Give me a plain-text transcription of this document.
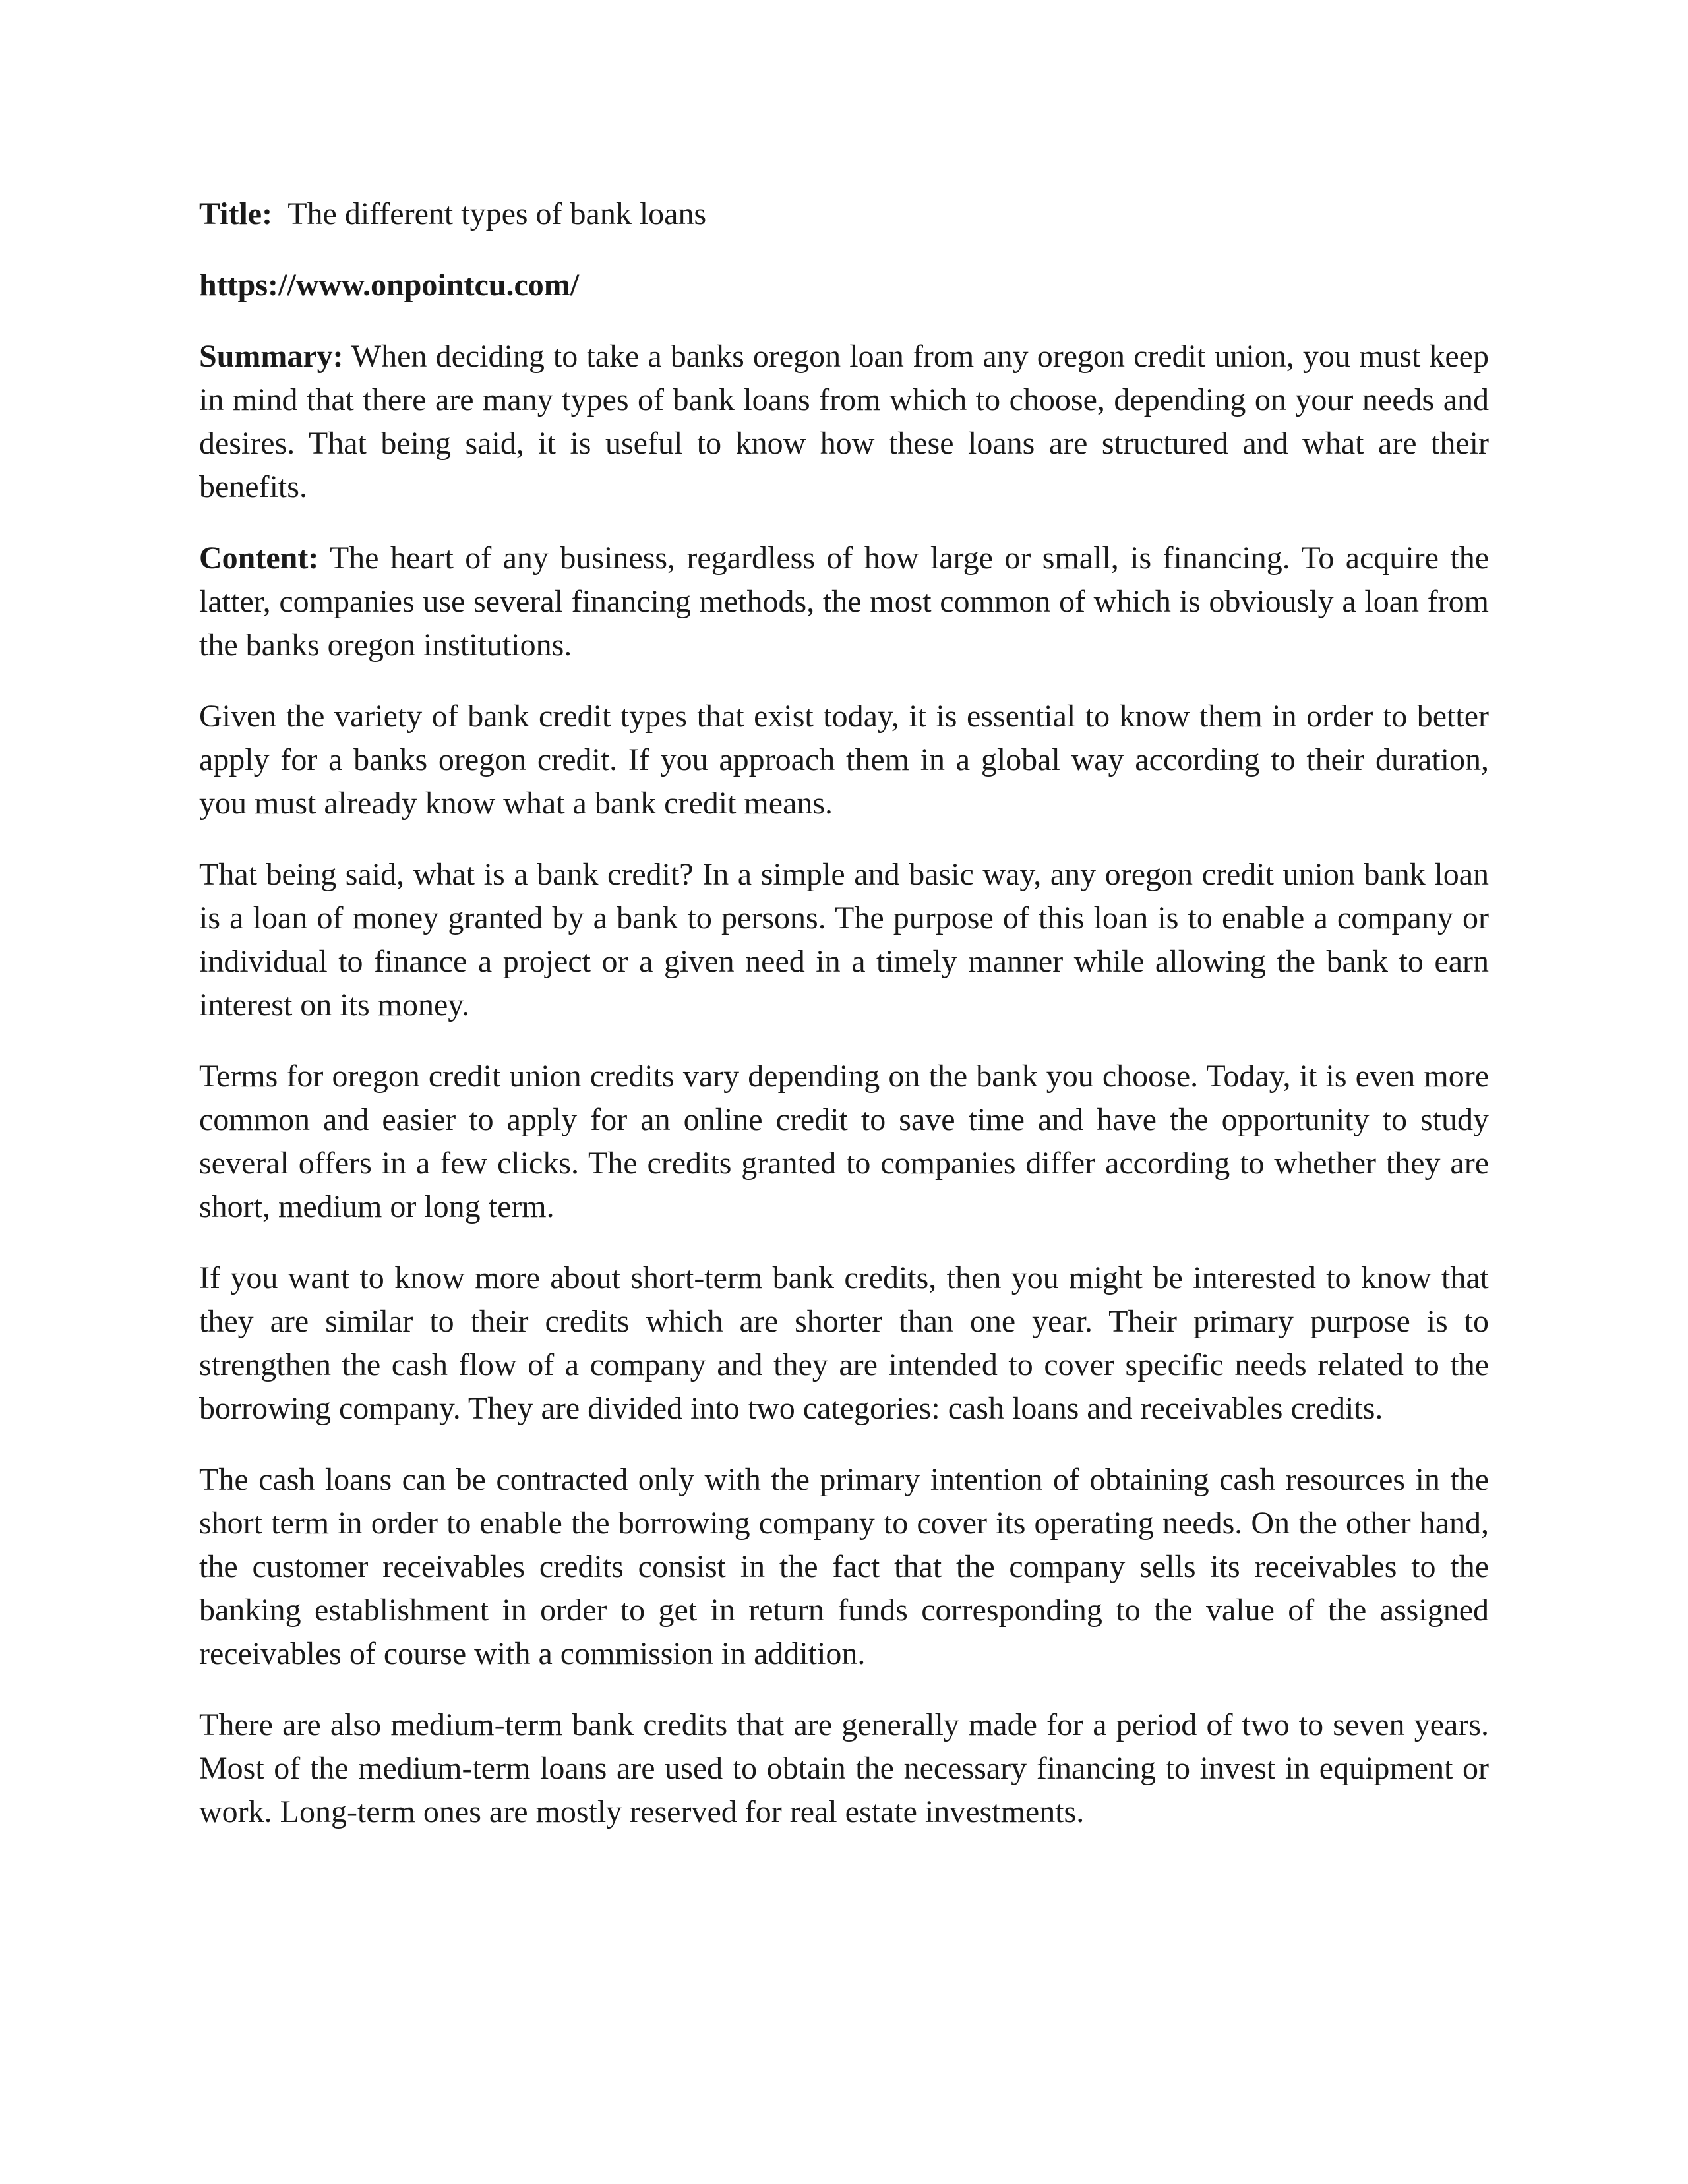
Title: The different types of bank loans

https://www.onpointcu.com/

Summary: When deciding to take a banks oregon loan from any oregon credit union, you must keep in mind that there are many types of bank loans from which to choose, depending on your needs and desires. That being said, it is useful to know how these loans are structured and what are their benefits.

Content: The heart of any business, regardless of how large or small, is financing. To acquire the latter, companies use several financing methods, the most common of which is obviously a loan from the banks oregon institutions.

Given the variety of bank credit types that exist today, it is essential to know them in order to better apply for a banks oregon credit. If you approach them in a global way according to their duration, you must already know what a bank credit means.

That being said, what is a bank credit? In a simple and basic way, any oregon credit union bank loan is a loan of money granted by a bank to persons. The purpose of this loan is to enable a company or individual to finance a project or a given need in a timely manner while allowing the bank to earn interest on its money.

Terms for oregon credit union credits vary depending on the bank you choose. Today, it is even more common and easier to apply for an online credit to save time and have the opportunity to study several offers in a few clicks. The credits granted to companies differ according to whether they are short, medium or long term.

If you want to know more about short-term bank credits, then you might be interested to know that they are similar to their credits which are shorter than one year. Their primary purpose is to strengthen the cash flow of a company and they are intended to cover specific needs related to the borrowing company. They are divided into two categories: cash loans and receivables credits.

The cash loans can be contracted only with the primary intention of obtaining cash resources in the short term in order to enable the borrowing company to cover its operating needs. On the other hand, the customer receivables credits consist in the fact that the company sells its receivables to the banking establishment in order to get in return funds corresponding to the value of the assigned receivables of course with a commission in addition.

There are also medium-term bank credits that are generally made for a period of two to seven years. Most of the medium-term loans are used to obtain the necessary financing to invest in equipment or work. Long-term ones are mostly reserved for real estate investments.
